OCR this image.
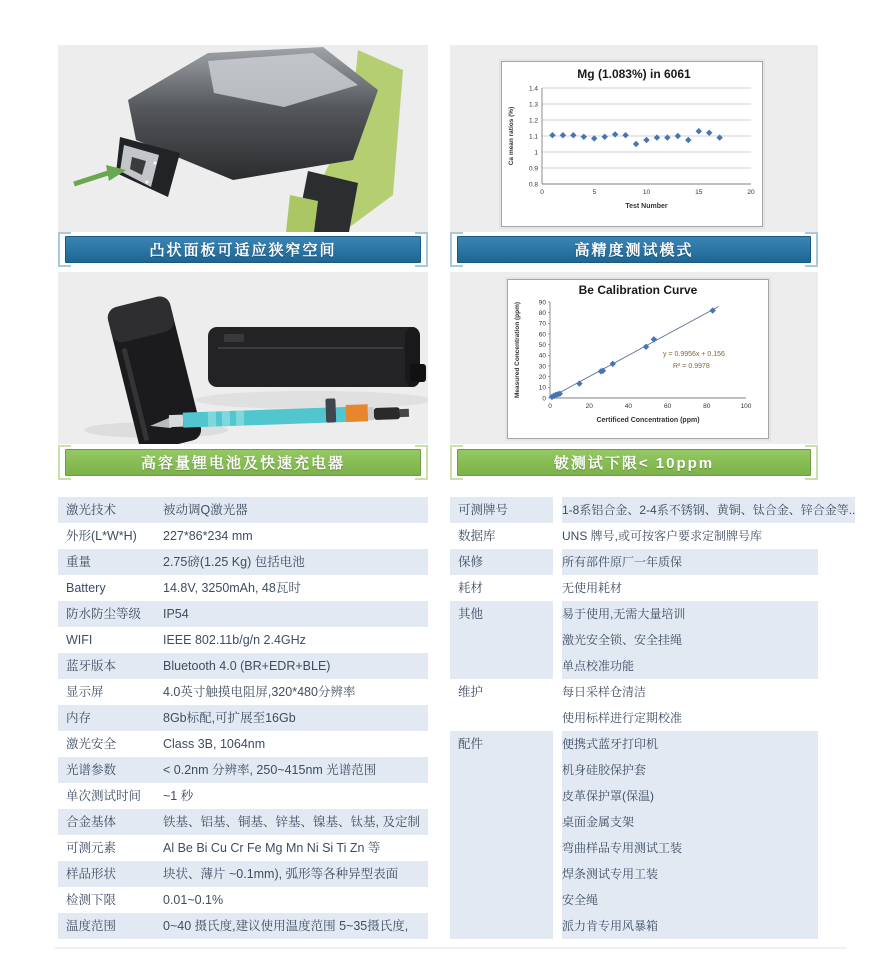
凸状面板可适应狭窄空间
高容量锂电池及快速充电器
激光技术	被动调Q激光器
外形(L*W*H)	227*86*234 mm
重量	2.75磅(1.25 Kg) 包括电池
Battery	14.8V, 3250mAh, 48瓦时
防水防尘等级	IP54
WIFI	IEEE 802.11b/g/n 2.4GHz
蓝牙版本	Bluetooth 4.0 (BR+EDR+BLE)
显示屏	4.0英寸触摸电阻屏,320*480分辨率
内存	8Gb标配,可扩展至16Gb
激光安全	Class 3B, 1064nm
光谱参数	< 0.2nm 分辨率, 250~415nm 光谱范围
单次测试时间	~1 秒
合金基体	铁基、铝基、铜基、锌基、镍基、钛基, 及定制
可测元素	Al Be Bi Cu Cr Fe Mg Mn Ni Si Ti Zn 等
样品形状	块状、薄片 ~0.1mm), 弧形等各种异型表面
检测下限	0.01~0.1%
温度范围	0~40 摄氏度,建议使用温度范围 5~35摄氏度,
Mg (1.083%) in 6061
0.8
0.9
1
1.1
1.2
1.3
1.4
0	5	10	15	20
Test Number
Ca mean ratios (%)
高精度测试模式
Be Calibration Curve
0
10
20
30
40
50
60
70
80
90
0	20	40	60	80	100
Certificed Concentration (ppm)
Measured Concentration (ppm)	y = 0.9956x + 0.156
R² = 0.9978
铍测试下限< 10ppm
可测牌号	1-8系铝合金、2-4系不锈钢、黄铜、钛合金、锌合金等..
数据库	UNS 牌号,或可按客户要求定制牌号库
保修	所有部件原厂一年质保
耗材	无使用耗材
其他	易于使用,无需大量培训
激光安全锁、安全挂绳
单点校准功能
维护	每日采样仓清洁
使用标样进行定期校准
配件	便携式蓝牙打印机
机身硅胶保护套
皮革保护罩(保温)
桌面金属支架
弯曲样品专用测试工装
焊条测试专用工装
安全绳
派力肯专用风暴箱
